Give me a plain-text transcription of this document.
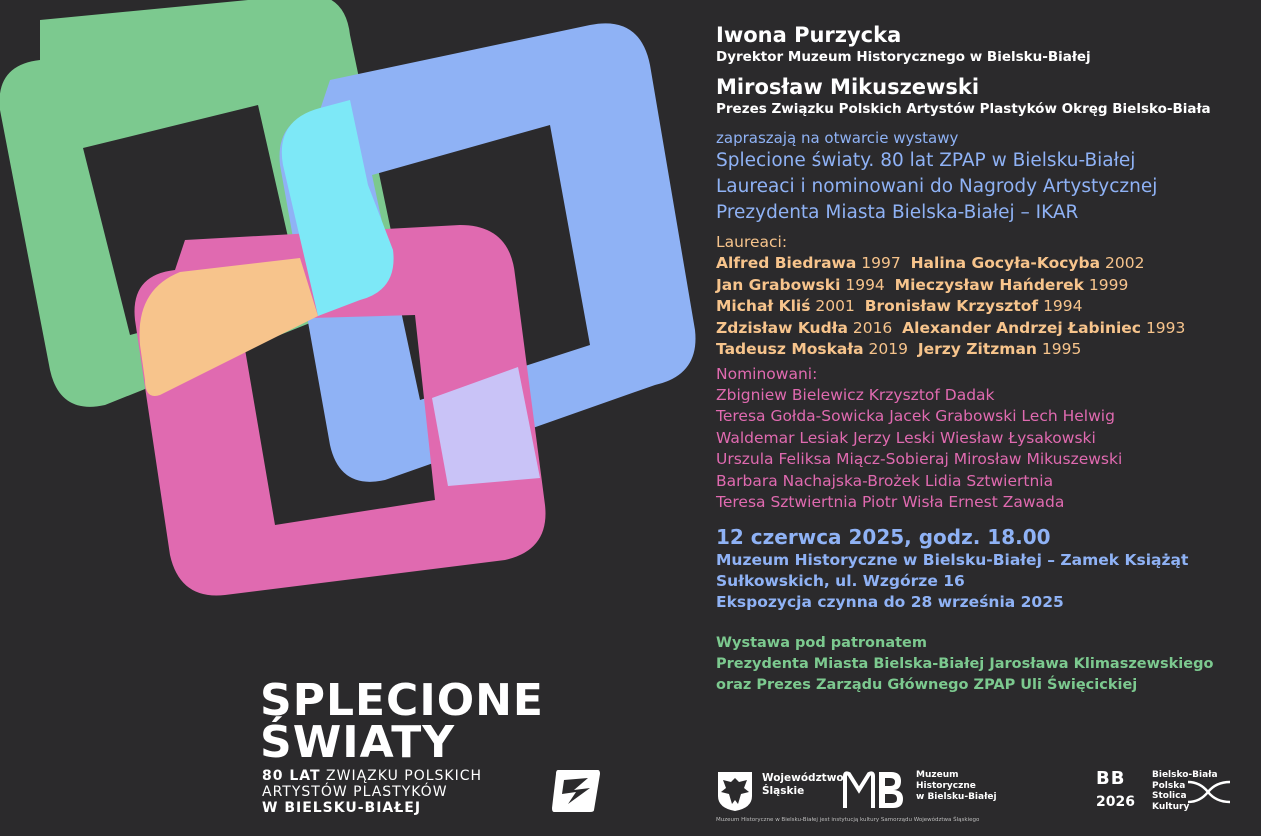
Iwona Purzycka
Dyrektor Muzeum Historycznego w Bielsku-Białej
Mirosław Mikuszewski
Prezes Związku Polskich Artystów Plastyków Okręg Bielsko-Biała
zapraszają na otwarcie wystawy
Splecione światy. 80 lat ZPAP w Bielsku-Białej
Laureaci i nominowani do Nagrody Artystycznej
Prezydenta Miasta Bielska-Białej – IKAR
Laureaci:
Alfred Biedrawa 1997 Halina Gocyła-Kocyba 2002
Jan Grabowski 1994 Mieczysław Hańderek 1999
Michał Kliś 2001 Bronisław Krzysztof 1994
Zdzisław Kudła 2016 Alexander Andrzej Łabiniec 1993
Tadeusz Moskała 2019 Jerzy Zitzman 1995
Nominowani:
Zbigniew Bielewicz Krzysztof Dadak
Teresa Gołda-Sowicka Jacek Grabowski Lech Helwig
Waldemar Lesiak Jerzy Leski Wiesław Łysakowski
Urszula Feliksa Miącz-Sobieraj Mirosław Mikuszewski
Barbara Nachajska-Brożek Lidia Sztwiertnia
Teresa Sztwiertnia Piotr Wisła Ernest Zawada
12 czerwca 2025, godz. 18.00
Muzeum Historyczne w Bielsku-Białej – Zamek Książąt
Sułkowskich, ul. Wzgórze 16
Ekspozycja czynna do 28 września 2025
Wystawa pod patronatem
Prezydenta Miasta Bielska-Białej Jarosława Klimaszewskiego
oraz Prezes Zarządu Głównego ZPAP Uli Święcickiej
SPLECIONE
ŚWIATY
80 LAT ZWIĄZKU POLSKICH
ARTYSTÓW PLASTYKÓW
W BIELSKU-BIAŁEJ
Województwo
Śląskie
Muzeum
Historyczne
w Bielsku-Białej
BB
2026
Bielsko-Biała
Polska
Stolica
Kultury
Muzeum Historyczne w Bielsku-Białej jest instytucją kultury Samorządu Województwa Śląskiego
